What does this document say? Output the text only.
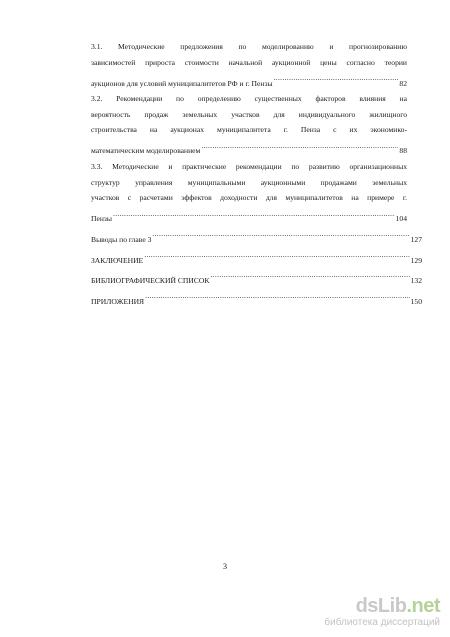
3.1. Методические предложения по моделированию и прогнозированию
зависимостей прироста стоимости начальной аукционной цены согласно теории
аукционов для условий муниципалитетов РФ и г. Пензы .....	82
3.2. Рекомендации по определению существенных факторов влияния на
вероятность продаж земельных участков для индивидуального жилищного
строительства на аукционах муниципалитета г. Пенза с их экономико-
математическим моделированием .....	88
3.3. Методические и практические рекомендации по развитию организационных
структур управления муниципальными аукционными продажами земельных
участков с расчетами эффектов доходности для муниципалитетов на примере г.
Пензы .....	104
Выводы по главе 3 .....	127
ЗАКЛЮЧЕНИЕ .....	129
БИБЛИОГРАФИЧЕСКИЙ СПИСОК .....	132
ПРИЛОЖЕНИЯ .....	150
3
dsLib.net
библиотека диссертаций
